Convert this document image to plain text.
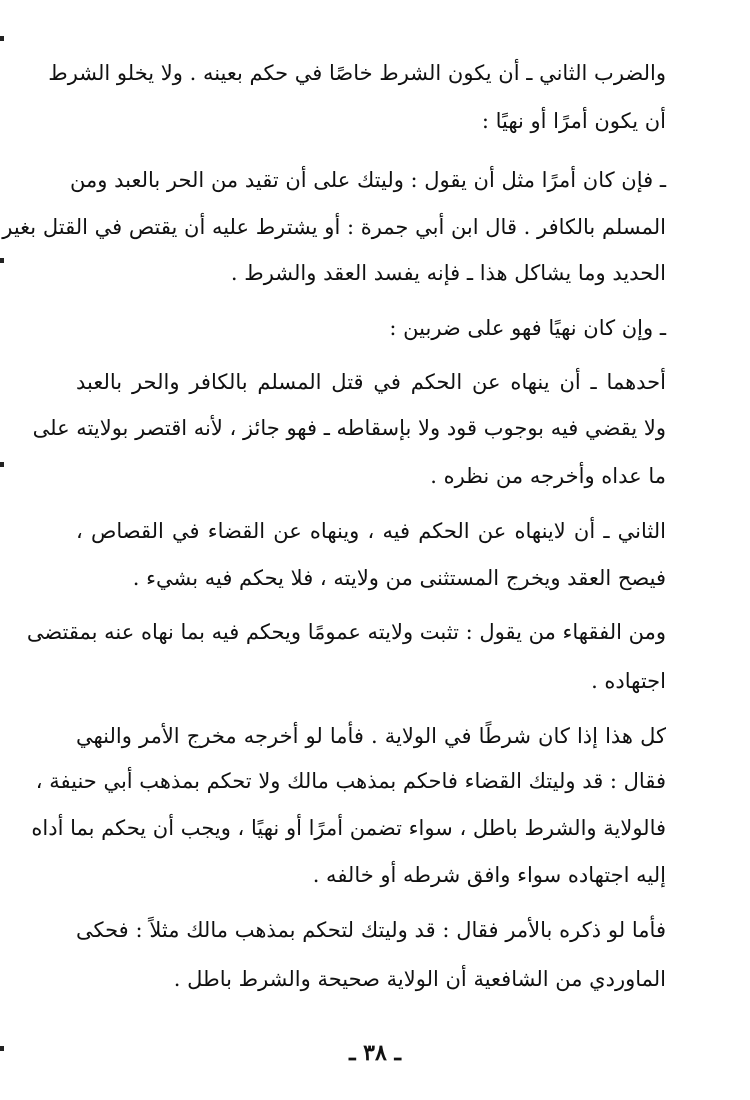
والضرب الثاني ـ أن يكون الشرط خاصًا في حكم بعينه . ولا يخلو الشرط
أن يكون أمرًا أو نهيًا :
ـ فإن كان أمرًا مثل أن يقول : وليتك على أن تقيد من الحر بالعبد ومن
المسلم بالكافر . قال ابن أبي جمرة : أو يشترط عليه أن يقتص في القتل بغير
الحديد وما يشاكل هذا ـ فإنه يفسد العقد والشرط .
ـ وإن كان نهيًا فهو على ضربين :
أحدهما ـ أن ينهاه عن الحكم في قتل المسلم بالكافر والحر بالعبد
ولا يقضي فيه بوجوب قود ولا بإسقاطه ـ فهو جائز ، لأنه اقتصر بولايته على
ما عداه وأخرجه من نظره .
الثاني ـ أن لاينهاه عن الحكم فيه ، وينهاه عن القضاء في القصاص ،
فيصح العقد ويخرج المستثنى من ولايته ، فلا يحكم فيه بشيء .
ومن الفقهاء من يقول : تثبت ولايته عمومًا ويحكم فيه بما نهاه عنه بمقتضى
اجتهاده .
كل هذا إذا كان شرطًا في الولاية . فأما لو أخرجه مخرج الأمر والنهي
فقال : قد وليتك القضاء فاحكم بمذهب مالك ولا تحكم بمذهب أبي حنيفة ،
فالولاية والشرط باطل ، سواء تضمن أمرًا أو نهيًا ، ويجب أن يحكم بما أداه
إليه اجتهاده سواء وافق شرطه أو خالفه .
فأما لو ذكره بالأمر فقال : قد وليتك لتحكم بمذهب مالك مثلاً : فحكى
الماوردي من الشافعية أن الولاية صحيحة والشرط باطل .
ـ ٣٨ ـ
